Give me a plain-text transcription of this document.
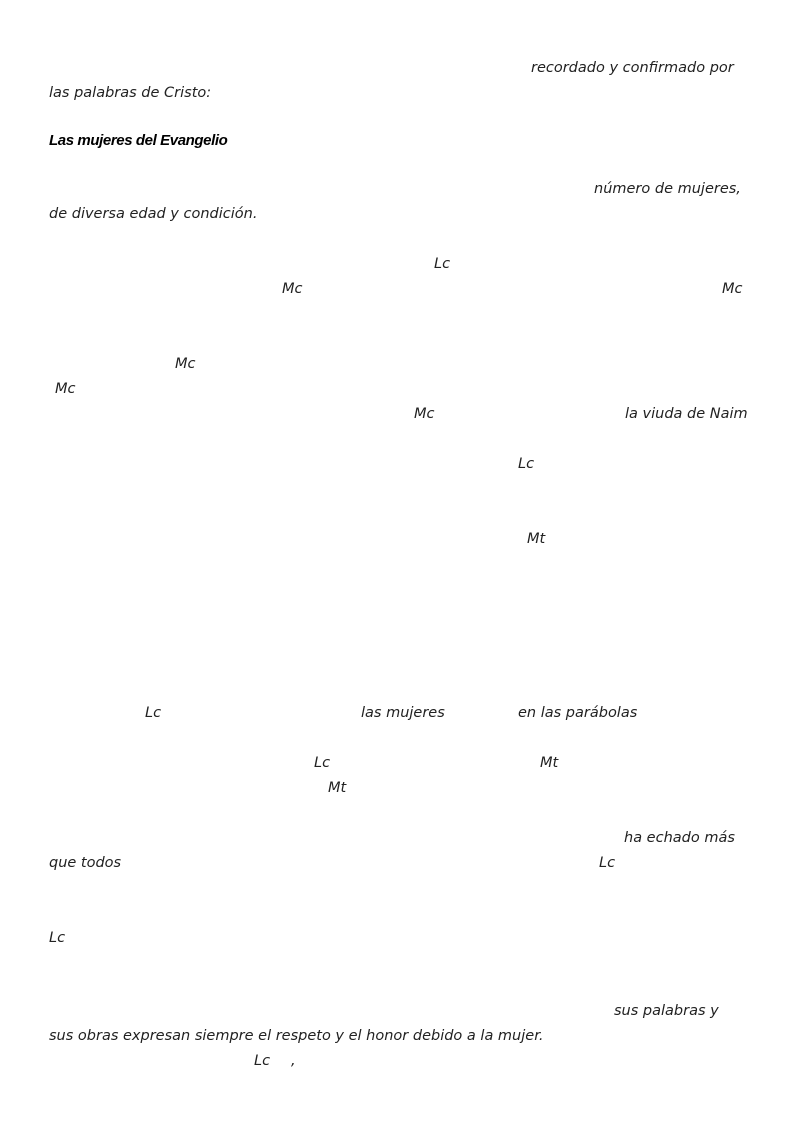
recordado y confirmado por
las palabras de Cristo:
Las mujeres del Evangelio
número de mujeres,
de diversa edad y condición.
Lc
Mc	Mc
Mc
Mc
Mc	la viuda de Naim
Lc
Mt
Lc	las mujeres	en las parábolas
Lc	Mt
Mt
ha echado más
que todos	Lc
Lc
sus palabras y
sus obras expresan siempre el respeto y el honor debido a la mujer.
Lc ,
